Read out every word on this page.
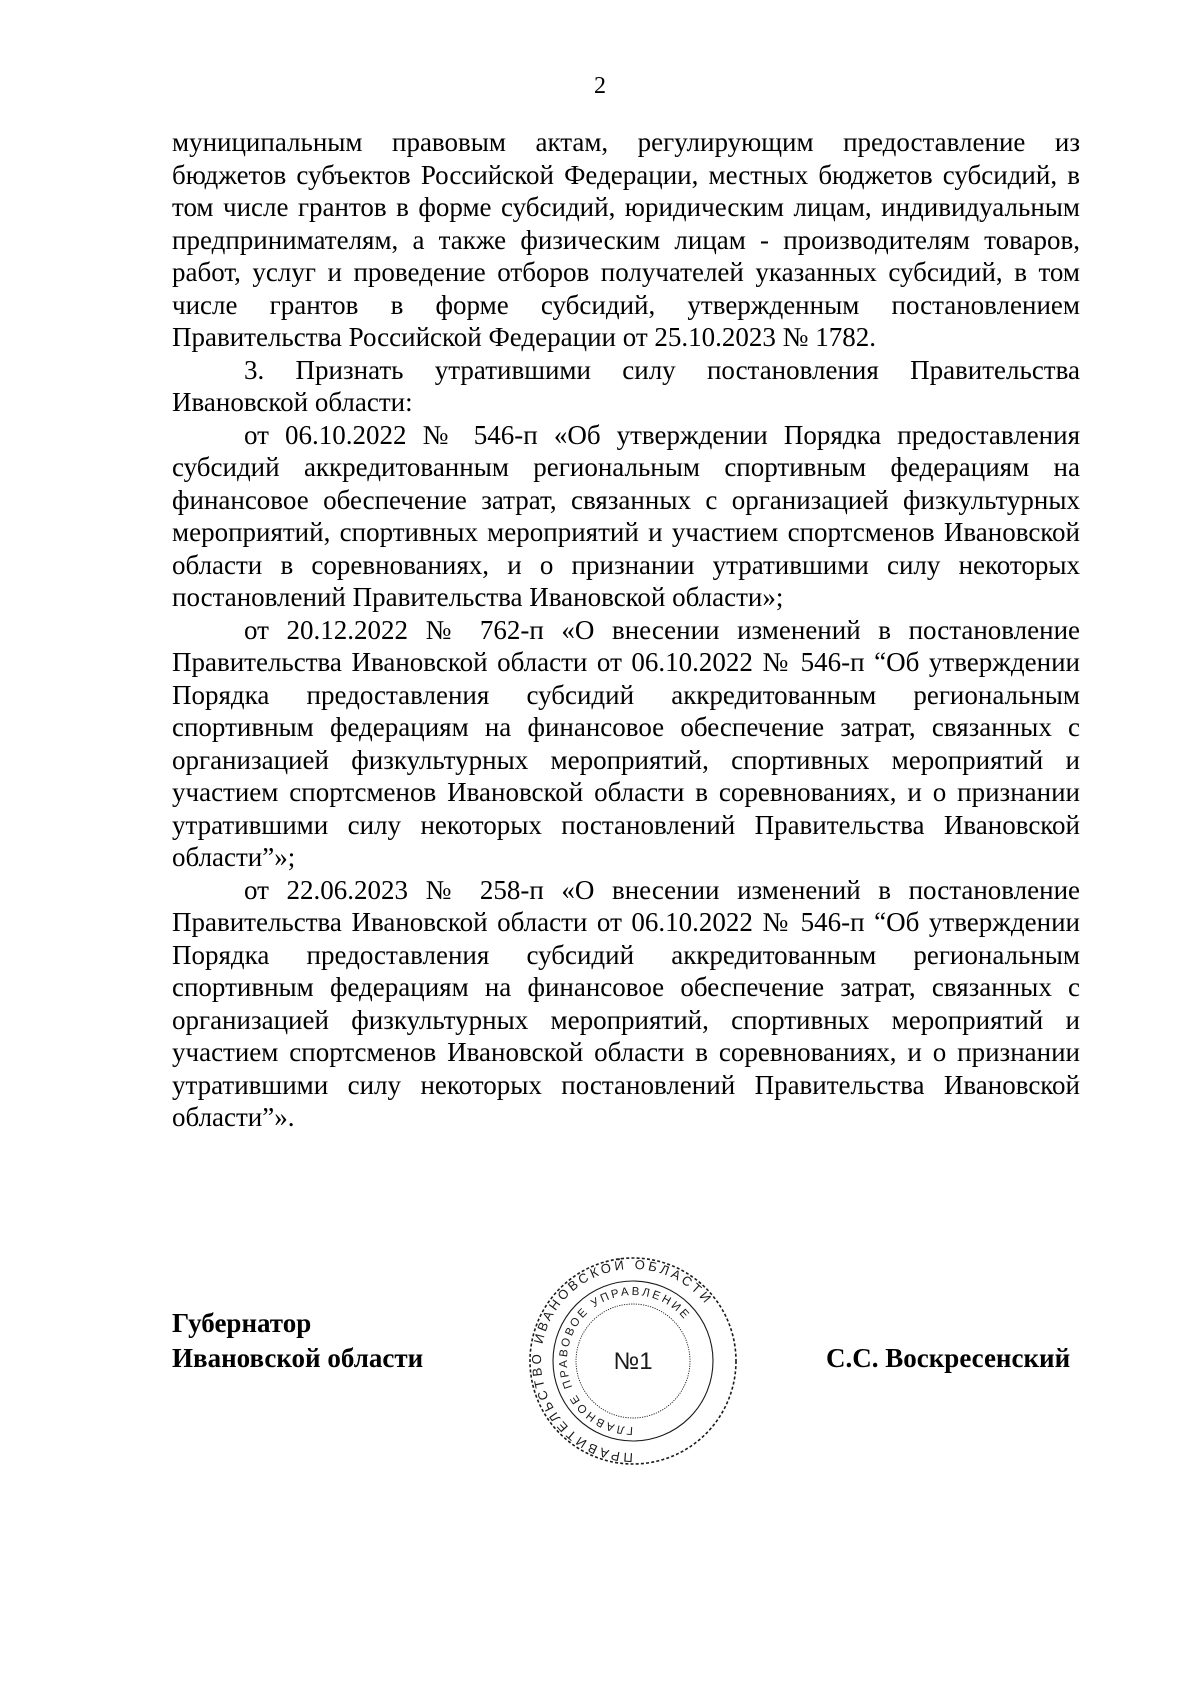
2

муниципальным правовым актам, регулирующим предоставление из бюджетов субъектов Российской Федерации, местных бюджетов субсидий, в том числе грантов в форме субсидий, юридическим лицам, индивидуальным предпринимателям, а также физическим лицам - производителям товаров, работ, услуг и проведение отборов получателей указанных субсидий, в том числе грантов в форме субсидий, утвержденным постановлением Правительства Российской Федерации от 25.10.2023 № 1782.

3. Признать утратившими силу постановления Правительства Ивановской области:

от 06.10.2022 № 546-п «Об утверждении Порядка предоставления субсидий аккредитованным региональным спортивным федерациям на финансовое обеспечение затрат, связанных с организацией физкультурных мероприятий, спортивных мероприятий и участием спортсменов Ивановской области в соревнованиях, и о признании утратившими силу некоторых постановлений Правительства Ивановской области»;

от 20.12.2022 № 762-п «О внесении изменений в постановление Правительства Ивановской области от 06.10.2022 № 546-п “Об утверждении Порядка предоставления субсидий аккредитованным региональным спортивным федерациям на финансовое обеспечение затрат, связанных с организацией физкультурных мероприятий, спортивных мероприятий и участием спортсменов Ивановской области в соревнованиях, и о признании утратившими силу некоторых постановлений Правительства Ивановской области”»;

от 22.06.2023 № 258-п «О внесении изменений в постановление Правительства Ивановской области от 06.10.2022 № 546-п “Об утверждении Порядка предоставления субсидий аккредитованным региональным спортивным федерациям на финансовое обеспечение затрат, связанных с организацией физкультурных мероприятий, спортивных мероприятий и участием спортсменов Ивановской области в соревнованиях, и о признании утратившими силу некоторых постановлений Правительства Ивановской области”».

Губернатор
Ивановской области
ПРАВИТЕЛЬСТВО ИВАНОВСКОЙ ОБЛАСТИ
ГЛАВНОЕ ПРАВОВОЕ УПРАВЛЕНИЕ
№1	С.С. Воскресенский
